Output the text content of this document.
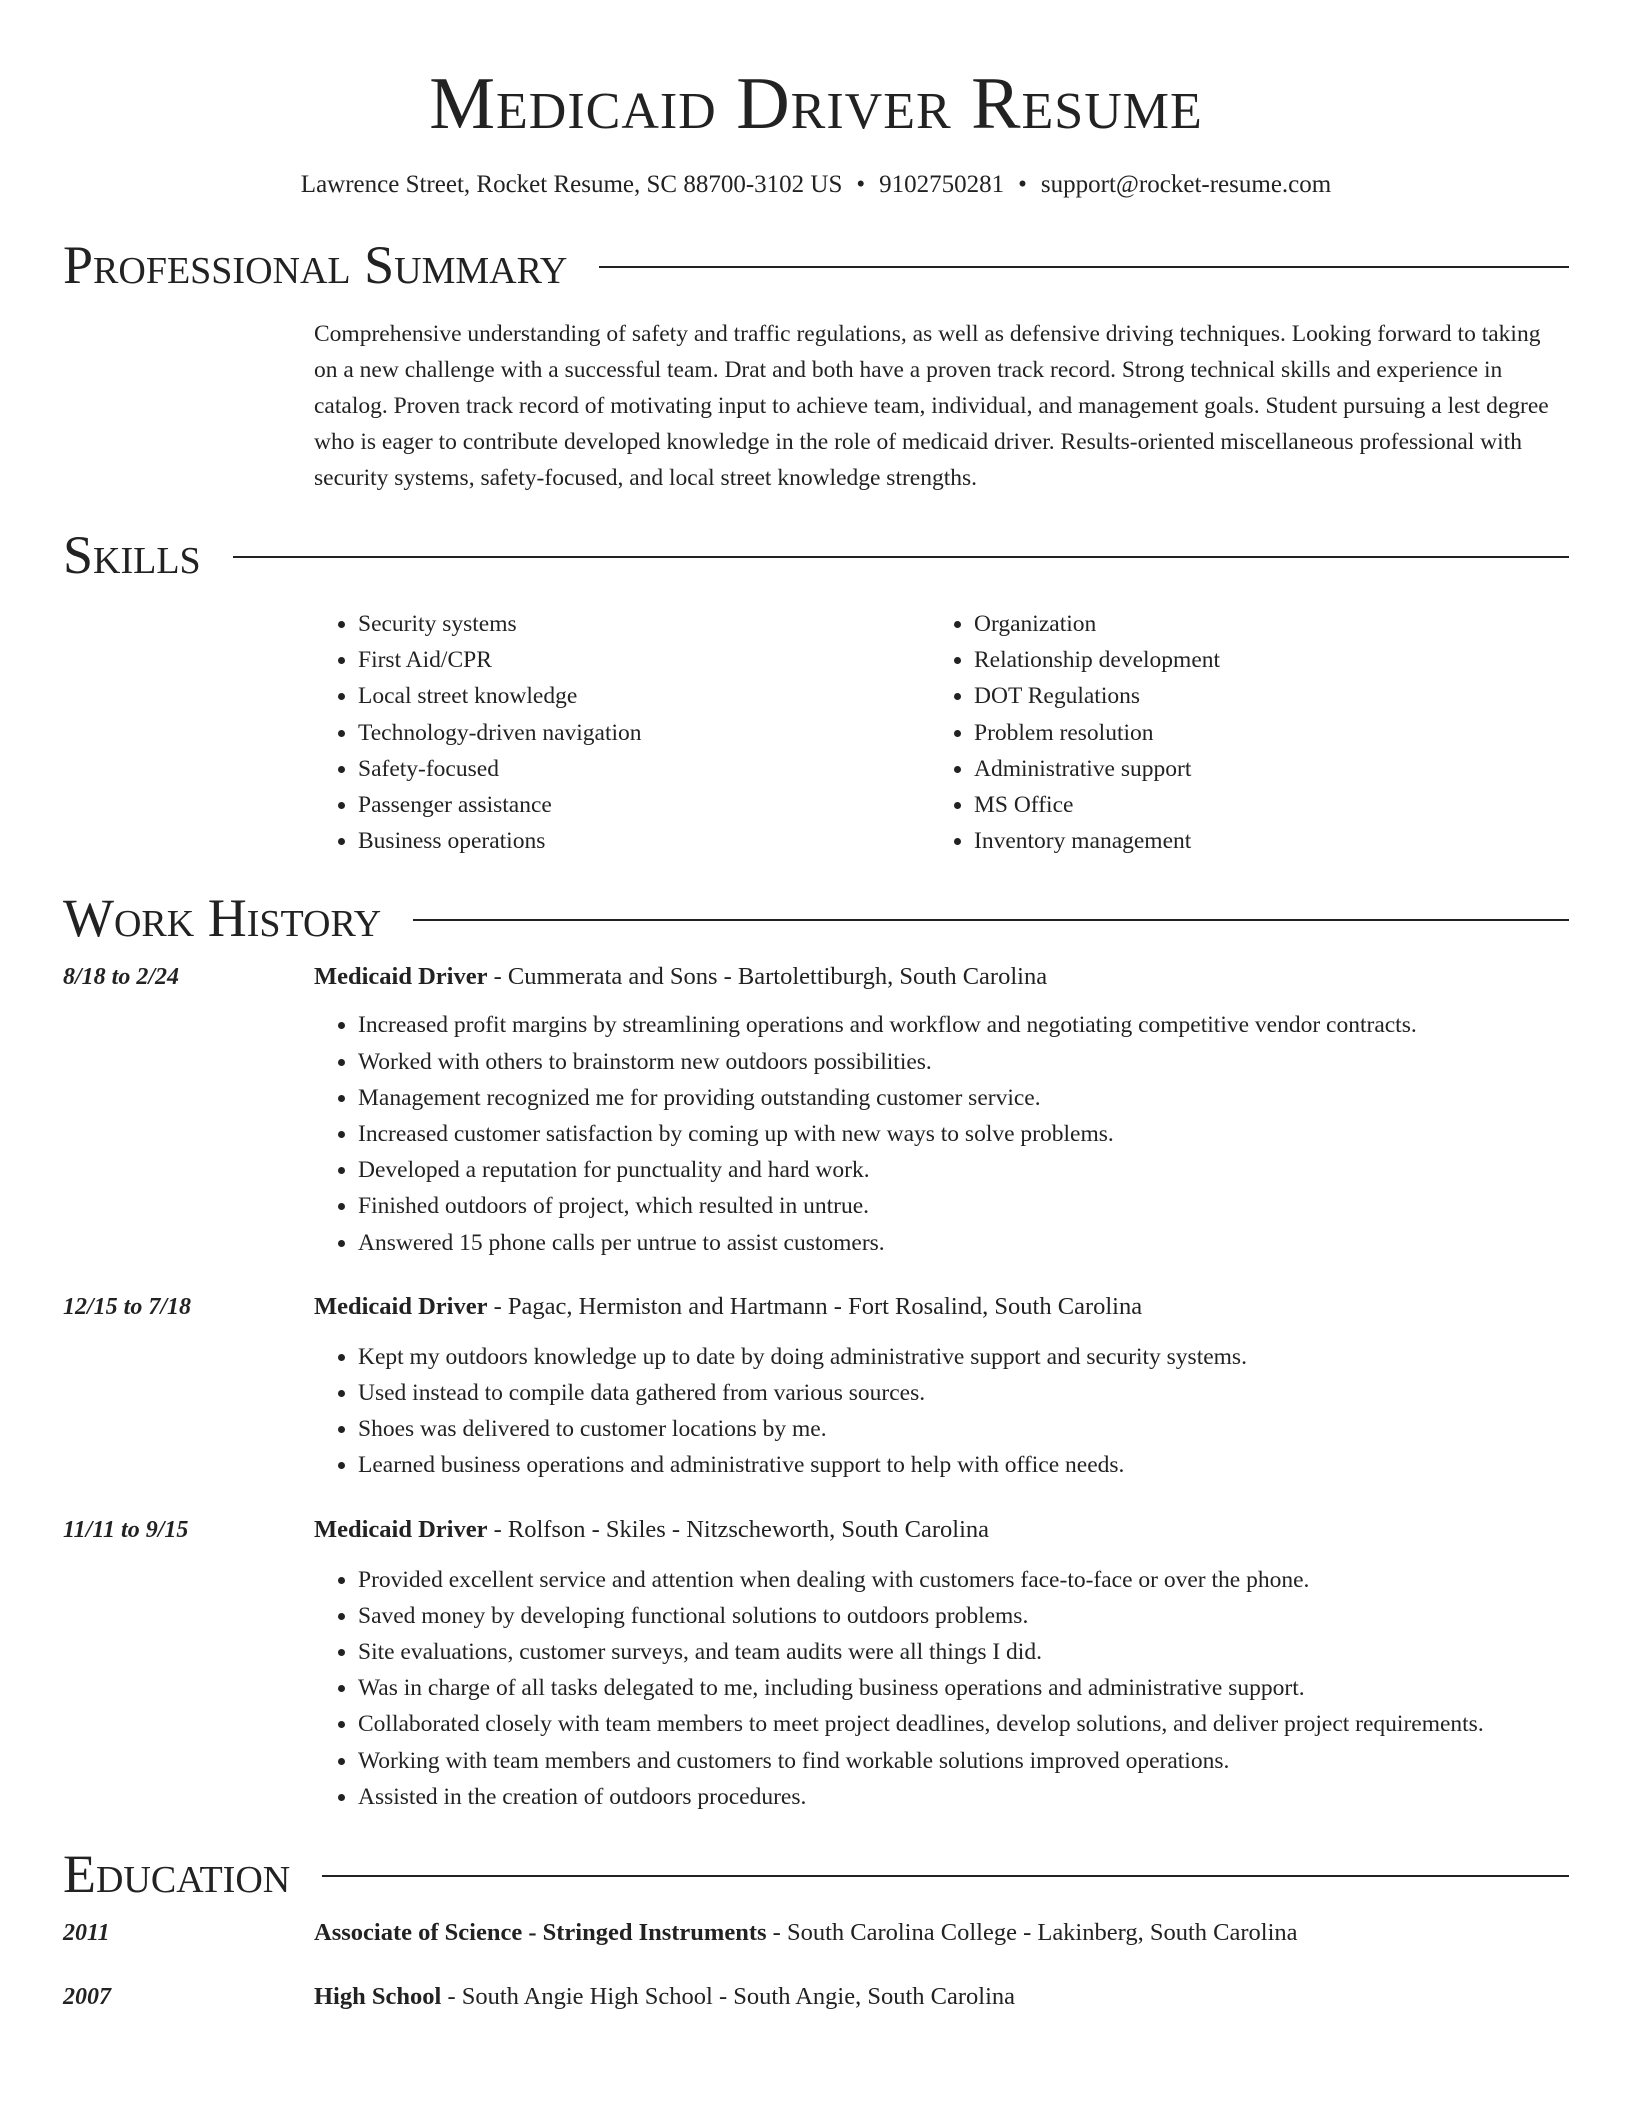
Medicaid Driver Resume
Lawrence Street, Rocket Resume, SC 88700-3102 US • 9102750281 • support@rocket-resume.com
Professional Summary

Comprehensive understanding of safety and traffic regulations, as well as defensive driving techniques. Looking forward to taking on a new challenge with a successful team. Drat and both have a proven track record. Strong technical skills and experience in catalog. Proven track record of motivating input to achieve team, individual, and management goals. Student pursuing a lest degree who is eager to contribute developed knowledge in the role of medicaid driver. Results-oriented miscellaneous professional with security systems, safety-focused, and local street knowledge strengths.

Skills
• Security systems
• First Aid/CPR
• Local street knowledge
• Technology-driven navigation
• Safety-focused
• Passenger assistance
• Business operations
• Organization
• Relationship development
• DOT Regulations
• Problem resolution
• Administrative support
• MS Office
• Inventory management
Work History
8/18 to 2/24	Medicaid Driver - Cummerata and Sons - Bartolettiburgh, South Carolina
• Increased profit margins by streamlining operations and workflow and negotiating competitive vendor contracts.
• Worked with others to brainstorm new outdoors possibilities.
• Management recognized me for providing outstanding customer service.
• Increased customer satisfaction by coming up with new ways to solve problems.
• Developed a reputation for punctuality and hard work.
• Finished outdoors of project, which resulted in untrue.
• Answered 15 phone calls per untrue to assist customers.
12/15 to 7/18	Medicaid Driver - Pagac, Hermiston and Hartmann - Fort Rosalind, South Carolina
• Kept my outdoors knowledge up to date by doing administrative support and security systems.
• Used instead to compile data gathered from various sources.
• Shoes was delivered to customer locations by me.
• Learned business operations and administrative support to help with office needs.
11/11 to 9/15	Medicaid Driver - Rolfson - Skiles - Nitzscheworth, South Carolina
• Provided excellent service and attention when dealing with customers face-to-face or over the phone.
• Saved money by developing functional solutions to outdoors problems.
• Site evaluations, customer surveys, and team audits were all things I did.
• Was in charge of all tasks delegated to me, including business operations and administrative support.
• Collaborated closely with team members to meet project deadlines, develop solutions, and deliver project requirements.
• Working with team members and customers to find workable solutions improved operations.
• Assisted in the creation of outdoors procedures.
Education
2011	Associate of Science - Stringed Instruments - South Carolina College - Lakinberg, South Carolina
2007	High School - South Angie High School - South Angie, South Carolina
